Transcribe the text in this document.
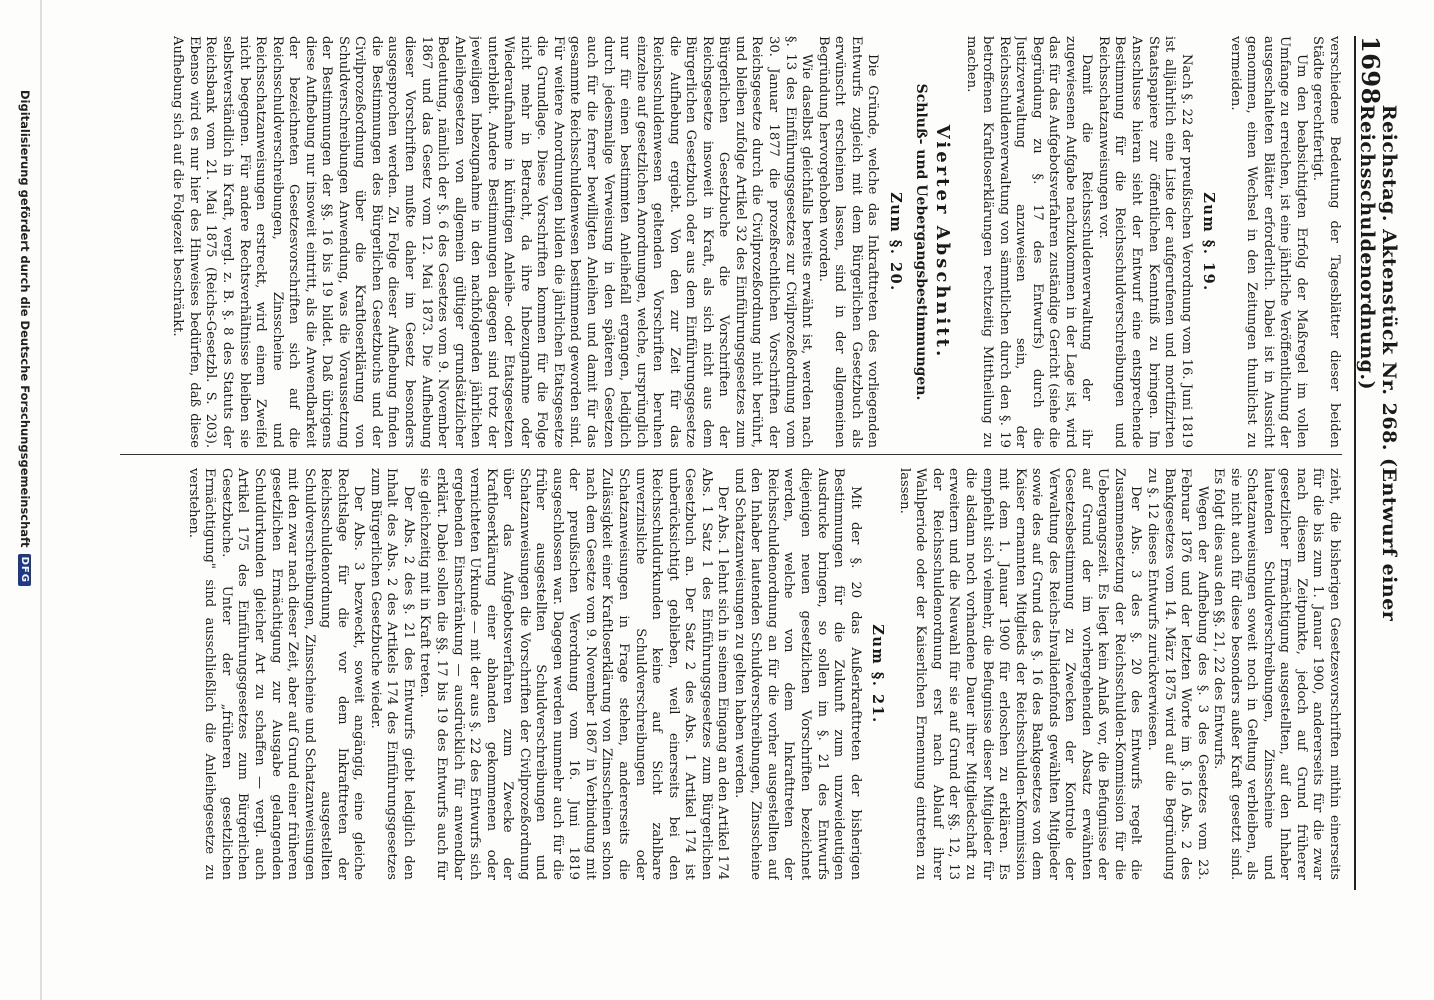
1698
Reichstag. Aktenstück Nr. 268. (Entwurf einer Reichsschuldenordnung.)

verschiedene Bedeutung der Tagesblätter dieser beiden Städte gerechtfertigt.

Um den beabsichtigten Erfolg der Maßregel im vollen Umfange zu erreichen, ist eine jährliche Veröffentlichung der ausgeschalteten Blätter erforderlich. Dabei ist in Aussicht genommen, einen Wechsel in den Zeitungen thunlichst zu vermeiden.

Zum §. 19.

Nach §. 22 der preußischen Verordnung vom 16. Juni 1819 ist alljährlich eine Liste der aufgerufenen und mortifizirten Staatspapiere zur öffentlichen Kenntniß zu bringen. Im Anschlusse hieran sieht der Entwurf eine entsprechende Bestimmung für die Reichsschuldverschreibungen und Reichsschatzanweisungen vor.

Damit die Reichsschuldenverwaltung der ihr zugewiesenen Aufgabe nachzukommen in der Lage ist, wird das für das Aufgebotsverfahren zuständige Gericht (siehe die Begründung zu §. 17 des Entwurfs) durch die Justizverwaltung anzuweisen sein, der Reichsschuldenverwaltung von sämmtlichen durch den §. 19 betroffenen Kraftloserklärungen rechtzeitig Mittheilung zu machen.

Vierter Abschnitt.
Schluß- und Uebergangsbestimmungen.
Zum §. 20.

Die Gründe, welche das Inkrafttreten des vorliegenden Entwurfs zugleich mit dem Bürgerlichen Gesetzbuch als erwünscht erscheinen lassen, sind in der allgemeinen Begründung hervorgehoben worden.

Wie daselbst gleichfalls bereits erwähnt ist, werden nach §. 13 des Einführungsgesetzes zur Civilprozeßordnung vom 30. Januar 1877 die prozeßrechtlichen Vorschriften der Reichsgesetze durch die Civilprozeßordnung nicht berührt, und bleiben zufolge Artikel 32 des Einführungsgesetzes zum Bürgerlichen Gesetzbuche die Vorschriften der Reichsgesetze insoweit in Kraft, als sich nicht aus dem Bürgerlichen Gesetzbuch oder aus dem Einführungsgesetze die Aufhebung ergiebt. Von den zur Zeit für das Reichsschuldenwesen geltenden Vorschriften beruhen einzelne auf gesetzlichen Anordnungen, welche, ursprünglich nur für einen bestimmten Anleihefall ergangen, lediglich durch jedesmalige Verweisung in den späteren Gesetzen auch für die ferner bewilligten Anleihen und damit für das gesammte Reichsschuldenwesen bestimmend geworden sind. Für weitere Anordnungen bilden die jährlichen Etatsgesetze die Grundlage. Diese Vorschriften kommen für die Folge nicht mehr in Betracht, da ihre Inbezugnahme oder Wiederaufnahme in künftigen Anleihe- oder Etatsgesetzen unterbleibt. Andere Bestimmungen dagegen sind trotz der jeweiligen Inbezugnahme in den nachfolgenden jährlichen Anleihegesetzen von allgemein gültiger grundsätzlicher Bedeutung, nämlich der §. 6 des Gesetzes vom 9. November 1867 und das Gesetz vom 12. Mai 1873. Die Aufhebung dieser Vorschriften mußte daher im Gesetz besonders ausgesprochen werden. Zu Folge dieser Aufhebung finden die Bestimmungen des Bürgerlichen Gesetzbuchs und der Civilprozeßordnung über die Kraftloserklärung von Schuldverschreibungen Anwendung, was die Voraussetzung der Bestimmungen der §§. 16 bis 19 bildet. Daß übrigens diese Aufhebung nur insoweit eintritt, als die Anwendbarkeit der bezeichneten Gesetzesvorschriften sich auf die Reichsschuldverschreibungen, Zinsscheine und Reichsschatzanweisungen erstreckt, wird einem Zweifel nicht begegnen. Für andere Rechtsverhältnisse bleiben sie selbstverständlich in Kraft, vergl. z. B. §. 8 des Statuts der Reichsbank vom 21. Mai 1875 (Reichs-Gesetzbl. S. 203). Ebenso wird es nur hier des Hinweises bedürfen, daß diese Aufhebung sich auf die Folgezeit beschränkt.

zieht, die bisherigen Gesetzesvorschriften mithin einerseits für die bis zum 1. Januar 1900, andererseits für die zwar nach diesem Zeitpunkte, jedoch auf Grund früherer gesetzlicher Ermächtigung ausgestellten, auf den Inhaber lautenden Schuldverschreibungen, Zinsscheine und Schatzanweisungen soweit noch in Geltung verbleiben, als sie nicht auch für diese besonders außer Kraft gesetzt sind. Es folgt dies aus den §§. 21, 22 des Entwurfs.

Wegen der Aufhebung des §. 3 des Gesetzes vom 23. Februar 1876 und der letzten Worte im §. 16 Abs. 2 des Bankgesetzes vom 14. März 1875 wird auf die Begründung zu §. 12 dieses Entwurfs zurückverwiesen.

Der Abs. 3 des §. 20 des Entwurfs regelt die Zusammensetzung der Reichsschulden-Kommission für die Uebergangszeit. Es liegt kein Anlaß vor, die Befugnisse der auf Grund der im vorhergehenden Absatz erwähnten Gesetzesbestimmung zu Zwecken der Kontrole der Verwaltung des Reichs-Invalidenfonds gewählten Mitglieder sowie des auf Grund des §. 16 des Bankgesetzes von dem Kaiser ernannten Mitglieds der Reichsschulden-Kommission mit dem 1. Januar 1900 für erloschen zu erklären. Es empfiehlt sich vielmehr, die Befugnisse dieser Mitglieder für die alsdann noch vorhandene Dauer ihrer Mitgliedschaft zu erweitern und die Neuwahl für sie auf Grund der §§. 12, 13 der Reichsschuldenordnung erst nach Ablauf ihrer Wahlperiode oder der Kaiserlichen Ernennung eintreten zu lassen.

Zum §. 21.

Mit der §. 20 das Außerkrafttreten der bisherigen Bestimmungen für die Zukunft zum unzweideutigen Ausdrucke bringen, so sollen im §. 21 des Entwurfs diejenigen neuen gesetzlichen Vorschriften bezeichnet werden, welche von dem Inkrafttreten der Reichsschuldenordnung an für die vorher ausgestellten auf den Inhaber lautenden Schuldverschreibungen, Zinsscheine und Schatzanweisungen zu gelten haben werden.

Der Abs. 1 lehnt sich in seinem Eingang an den Artikel 174 Abs. 1 Satz 1 des Einführungsgesetzes zum Bürgerlichen Gesetzbuch an. Der Satz 2 des Abs. 1 Artikel 174 ist unberücksichtigt geblieben, weil einerseits bei den Reichsschuldurkunden keine auf Sicht zahlbare unverzinsliche Schuldverschreibungen oder Schatzanweisungen in Frage stehen, andererseits die Zulässigkeit einer Kraftloserklärung von Zinsscheinen schon nach dem Gesetze vom 9. November 1867 in Verbindung mit der preußischen Verordnung vom 16. Juni 1819 ausgeschlossen war. Dagegen werden nunmehr auch für die früher ausgestellten Schuldverschreibungen und Schatzanweisungen die Vorschriften der Civilprozeßordnung über das Aufgebotsverfahren zum Zwecke der Kraftloserklärung einer abhanden gekommenen oder vernichteten Urkunde — mit der aus §. 22 des Entwurfs sich ergebenden Einschränkung — ausdrücklich für anwendbar erklärt. Dabei sollen die §§. 17 bis 19 des Entwurfs auch für sie gleichzeitig mit in Kraft treten.

Der Abs. 2 des §. 21 des Entwurfs giebt lediglich den Inhalt des Abs. 2 des Artikels 174 des Einführungsgesetzes zum Bürgerlichen Gesetzbuche wieder.

Der Abs. 3 bezweckt, soweit angängig, eine gleiche Rechtslage für die vor dem Inkrafttreten der Reichsschuldenordnung ausgestellten Schuldverschreibungen, Zinsscheine und Schatzanweisungen mit den zwar nach dieser Zeit, aber auf Grund einer früheren gesetzlichen Ermächtigung zur Ausgabe gelangenden Schuldurkunden gleicher Art zu schaffen — vergl. auch Artikel 175 des Einführungsgesetzes zum Bürgerlichen Gesetzbuche. Unter der „früheren gesetzlichen Ermächtigung" sind ausschließlich die Anleihegesetze zu verstehen.

Digitalisierung gefördert durch die Deutsche Forschungsgemeinschaft
DFG
